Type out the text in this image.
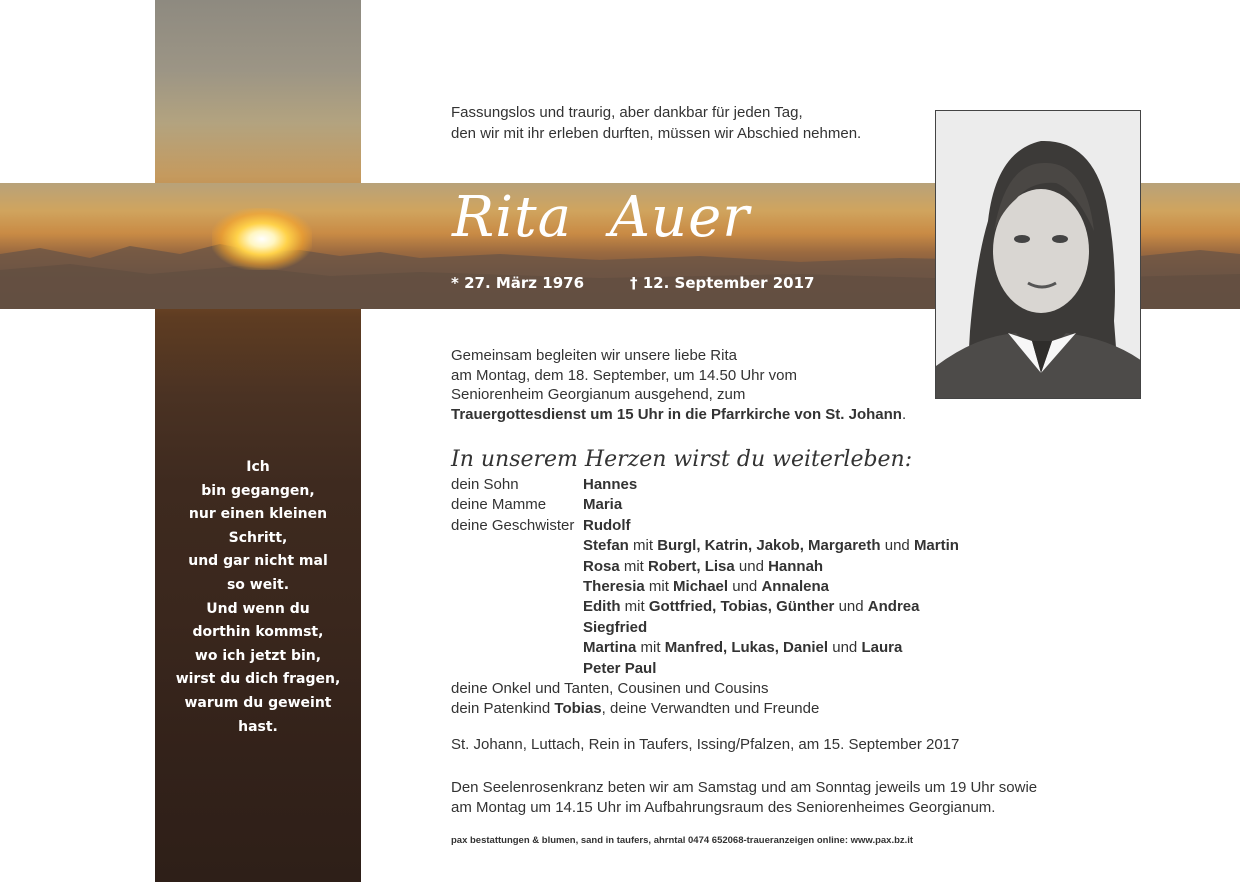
Ich
bin gegangen,
nur einen kleinen
Schritt,
und gar nicht mal
so weit.
Und wenn du
dorthin kommst,
wo ich jetzt bin,
wirst du dich fragen,
warum du geweint
hast.
Fassungslos und traurig, aber dankbar für jeden Tag,
den wir mit ihr erleben durften, müssen wir Abschied nehmen.
Rita  Auer
* 27. März 1976	† 12. September 2017
Gemeinsam begleiten wir unsere liebe Rita
am Montag, dem 18. September, um 14.50 Uhr vom
Seniorenheim Georgianum ausgehend, zum
Trauergottesdienst um 15 Uhr in die Pfarrkirche von St. Johann.
In unserem Herzen wirst du weiterleben:
dein Sohn	Hannes
deine Mamme Maria
deine Geschwister Rudolf
Stefan mit Burgl, Katrin, Jakob, Margareth und Martin
Rosa mit Robert, Lisa und Hannah
Theresia mit Michael und Annalena
Edith mit Gottfried, Tobias, Günther und Andrea
Siegfried
Martina mit Manfred, Lukas, Daniel und Laura
Peter Paul
deine Onkel und Tanten, Cousinen und Cousins
dein Patenkind Tobias, deine Verwandten und Freunde
St. Johann, Luttach, Rein in Taufers, Issing/Pfalzen, am 15. September 2017
Den Seelenrosenkranz beten wir am Samstag und am Sonntag jeweils um 19 Uhr sowie
am Montag um 14.15 Uhr im Aufbahrungsraum des Seniorenheimes Georgianum.
pax bestattungen & blumen, sand in taufers, ahrntal 0474 652068-traueranzeigen online: www.pax.bz.it
